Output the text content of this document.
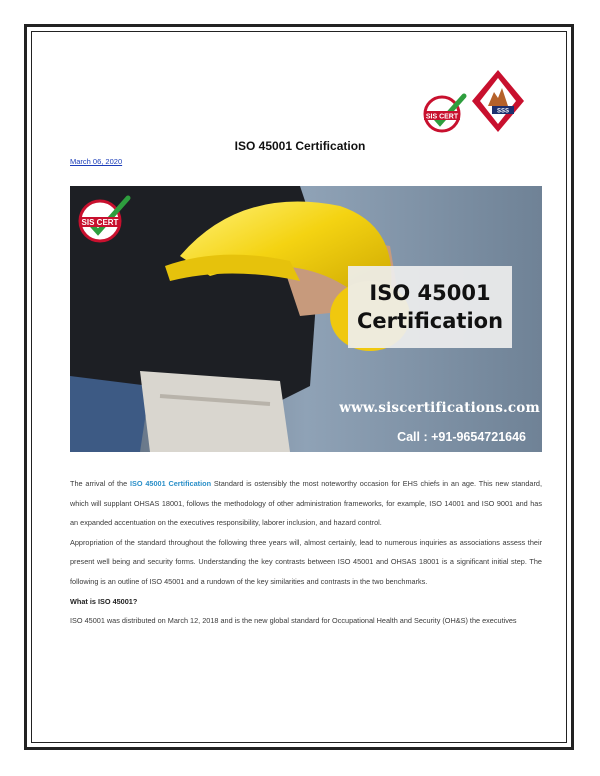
SIS CERT
SSS
ISO 45001 Certification
March 06, 2020
SIS CERT
ISO 45001
Certification
www.siscertifications.com
Call : +91-9654721646

The arrival of the ISO 45001 Certification Standard is ostensibly the most noteworthy occasion for EHS chiefs in an age. This new standard, which will supplant OHSAS 18001, follows the methodology of other administration frameworks, for example, ISO 14001 and ISO 9001 and has an expanded accentuation on the executives responsibility, laborer inclusion, and hazard control.

Appropriation of the standard throughout the following three years will, almost certainly, lead to numerous inquiries as associations assess their present well being and security forms. Understanding the key contrasts between ISO 45001 and OHSAS 18001 is a significant initial step. The following is an outline of ISO 45001 and a rundown of the key similarities and contrasts in the two benchmarks.

What is ISO 45001?

ISO 45001 was distributed on March 12, 2018 and is the new global standard for Occupational Health and Security (OH&S) the executives
